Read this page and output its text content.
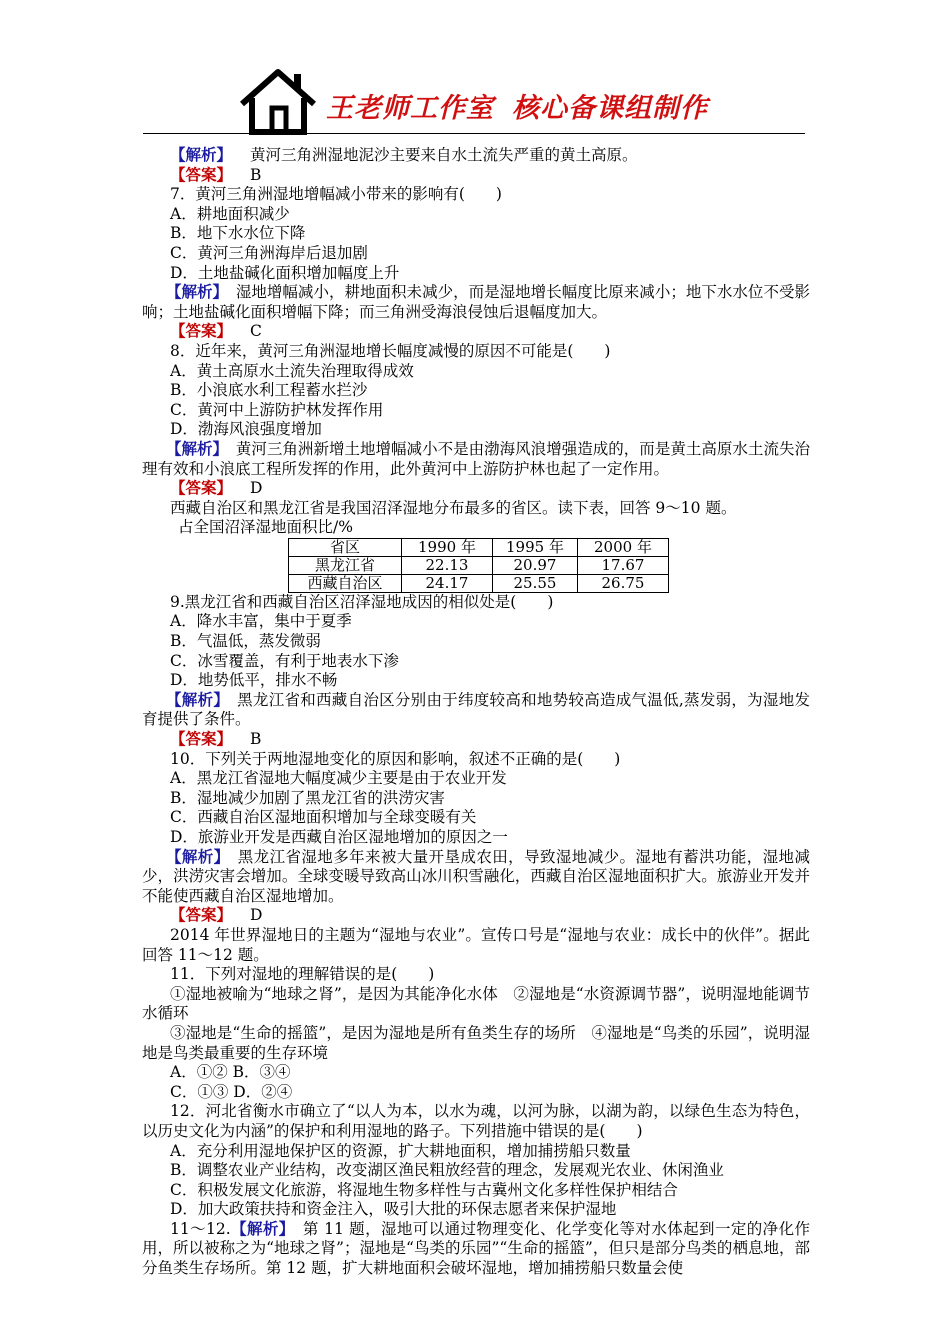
王老师工作室 核心备课组制作
【解析】 黄河三角洲湿地泥沙主要来自水土流失严重的黄土高原。
【答案】 B
7．黄河三角洲湿地增幅减小带来的影响有(　　)
A．耕地面积减少
B．地下水水位下降
C．黄河三角洲海岸后退加剧
D．土地盐碱化面积增加幅度上升
【解析】　 湿地增幅减小，耕地面积未减少，而是湿地增长幅度比原来减小；地下水水位不受影响；土地盐碱化面积增幅下降；而三角洲受海浪侵蚀后退幅度加大。
【答案】 C
8．近年来，黄河三角洲湿地增长幅度减慢的原因不可能是(　　)
A．黄土高原水土流失治理取得成效
B．小浪底水利工程蓄水拦沙
C．黄河中上游防护林发挥作用
D．渤海风浪强度增加
【解析】　 黄河三角洲新增土地增幅减小不是由渤海风浪增强造成的，而是黄土高原水土流失治理有效和小浪底工程所发挥的作用，此外黄河中上游防护林也起了一定作用。
【答案】 D
西藏自治区和黑龙江省是我国沼泽湿地分布最多的省区。读下表，回答 9～10 题。
占全国沼泽湿地面积比/%
省区	1990 年	1995 年	2000 年
黑龙江省	22.13	20.97	17.67
西藏自治区	24.17	25.55	26.75
9.黑龙江省和西藏自治区沼泽湿地成因的相似处是(　　)
A．降水丰富，集中于夏季
B．气温低，蒸发微弱
C．冰雪覆盖，有利于地表水下渗
D．地势低平，排水不畅
【解析】　 黑龙江省和西藏自治区分别由于纬度较高和地势较高造成气温低,蒸发弱，为湿地发育提供了条件。
【答案】 B
10．下列关于两地湿地变化的原因和影响，叙述不正确的是(　　)
A．黑龙江省湿地大幅度减少主要是由于农业开发
B．湿地减少加剧了黑龙江省的洪涝灾害
C．西藏自治区湿地面积增加与全球变暖有关
D．旅游业开发是西藏自治区湿地增加的原因之一
【解析】　 黑龙江省湿地多年来被大量开垦成农田，导致湿地减少。湿地有蓄洪功能，湿地减少，洪涝灾害会增加。全球变暖导致高山冰川积雪融化，西藏自治区湿地面积扩大。旅游业开发并不能使西藏自治区湿地增加。
【答案】 D
2014 年世界湿地日的主题为“湿地与农业”。宣传口号是“湿地与农业：成长中的伙伴”。据此回答 11～12 题。
11．下列对湿地的理解错误的是(　　)
①湿地被喻为“地球之肾”，是因为其能净化水体　②湿地是“水资源调节器”，说明湿地能调节水循环
③湿地是“生命的摇篮”，是因为湿地是所有鱼类生存的场所　④湿地是“鸟类的乐园”，说明湿地是鸟类最重要的生存环境
A．①② B．③④
C．①③ D．②④
12．河北省衡水市确立了“以人为本，以水为魂，以河为脉，以湖为韵，以绿色生态为特色，以历史文化为内涵”的保护和利用湿地的路子。下列措施中错误的是(　　)
A．充分利用湿地保护区的资源，扩大耕地面积，增加捕捞船只数量
B．调整农业产业结构，改变湖区渔民粗放经营的理念，发展观光农业、休闲渔业
C．积极发展文化旅游，将湿地生物多样性与古冀州文化多样性保护相结合
D．加大政策扶持和资金注入，吸引大批的环保志愿者来保护湿地
11～12.【解析】　 第 11 题，湿地可以通过物理变化、化学变化等对水体起到一定的净化作用，所以被称之为“地球之肾”；湿地是“鸟类的乐园”“生命的摇篮”，但只是部分鸟类的栖息地，部分鱼类生存场所。第 12 题，扩大耕地面积会破坏湿地，增加捕捞船只数量会使
